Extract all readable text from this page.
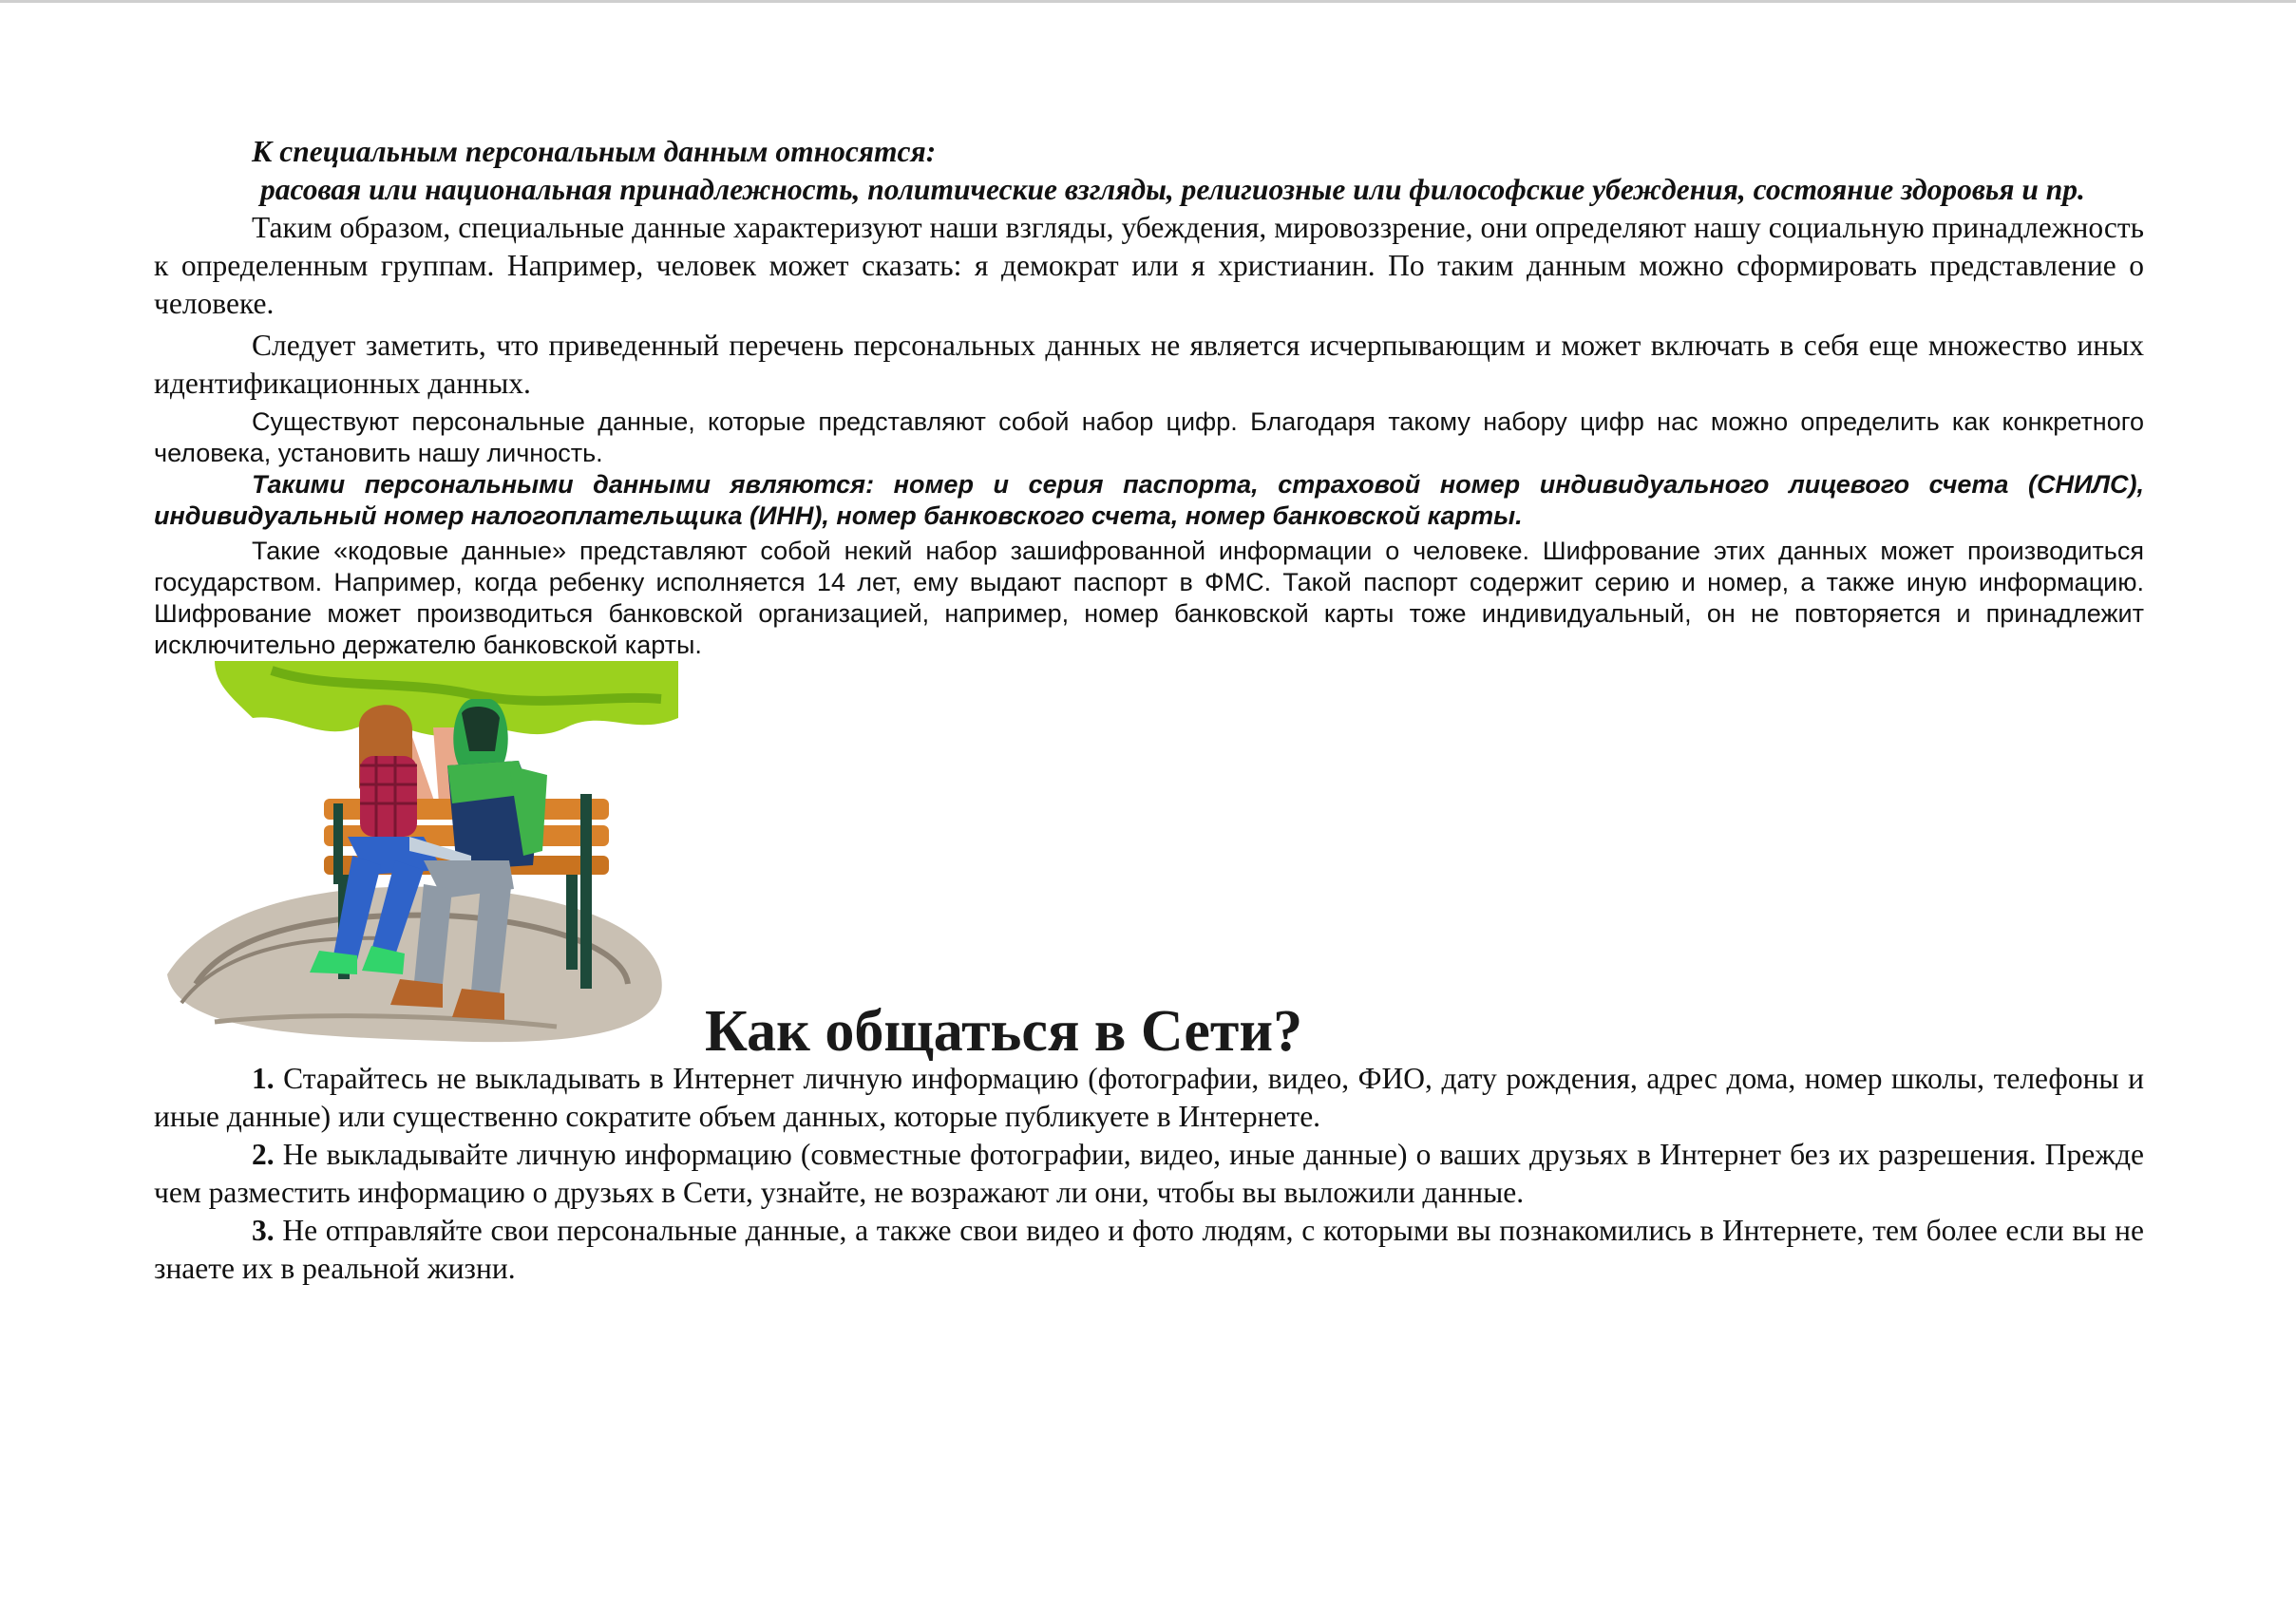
К специальным персональным данным относятся:

расовая или национальная принадлежность, политические взгляды, религиозные или философские убеждения, состояние здоровья и пр.

Таким образом, специальные данные характеризуют наши взгляды, убеждения, мировоззрение, они определяют нашу социальную принадлежность к определенным группам. Например, человек может сказать: я демократ или я христианин. По таким данным можно сформировать представление о человеке.

Следует заметить, что приведенный перечень персональных данных не является исчерпывающим и может включать в себя еще множество иных идентификационных данных.

Существуют персональные данные, которые представляют собой набор цифр. Благодаря такому набору цифр нас можно определить как конкретного человека, установить нашу личность.

Такими персональными данными являются: номер и серия паспорта, страховой номер индивидуального лицевого счета (СНИЛС), индивидуальный номер налогоплательщика (ИНН), номер банковского счета, номер банковской карты.

Такие «кодовые данные» представляют собой некий набор зашифрованной информации о человеке. Шифрование этих данных может производиться государством. Например, когда ребенку исполняется 14 лет, ему выдают паспорт в ФМС. Такой паспорт содержит серию и номер, а также иную информацию. Шифрование может производиться банковской организацией, например, номер банковской карты тоже индивидуальный, он не повторяется и принадлежит исключительно держателю банковской карты.

Как общаться в Сети?

1. Старайтесь не выкладывать в Интернет личную информацию (фотографии, видео, ФИО, дату рождения, адрес дома, номер школы, телефоны и иные данные) или существенно сократите объем данных, которые публикуете в Интернете.

2. Не выкладывайте личную информацию (совместные фотографии, видео, иные данные) о ваших друзьях в Интернет без их разрешения. Прежде чем разместить информацию о друзьях в Сети, узнайте, не возражают ли они, чтобы вы выложили данные.

3. Не отправляйте свои персональные данные, а также свои видео и фото людям, с которыми вы познакомились в Интернете, тем более если вы не знаете их в реальной жизни.
